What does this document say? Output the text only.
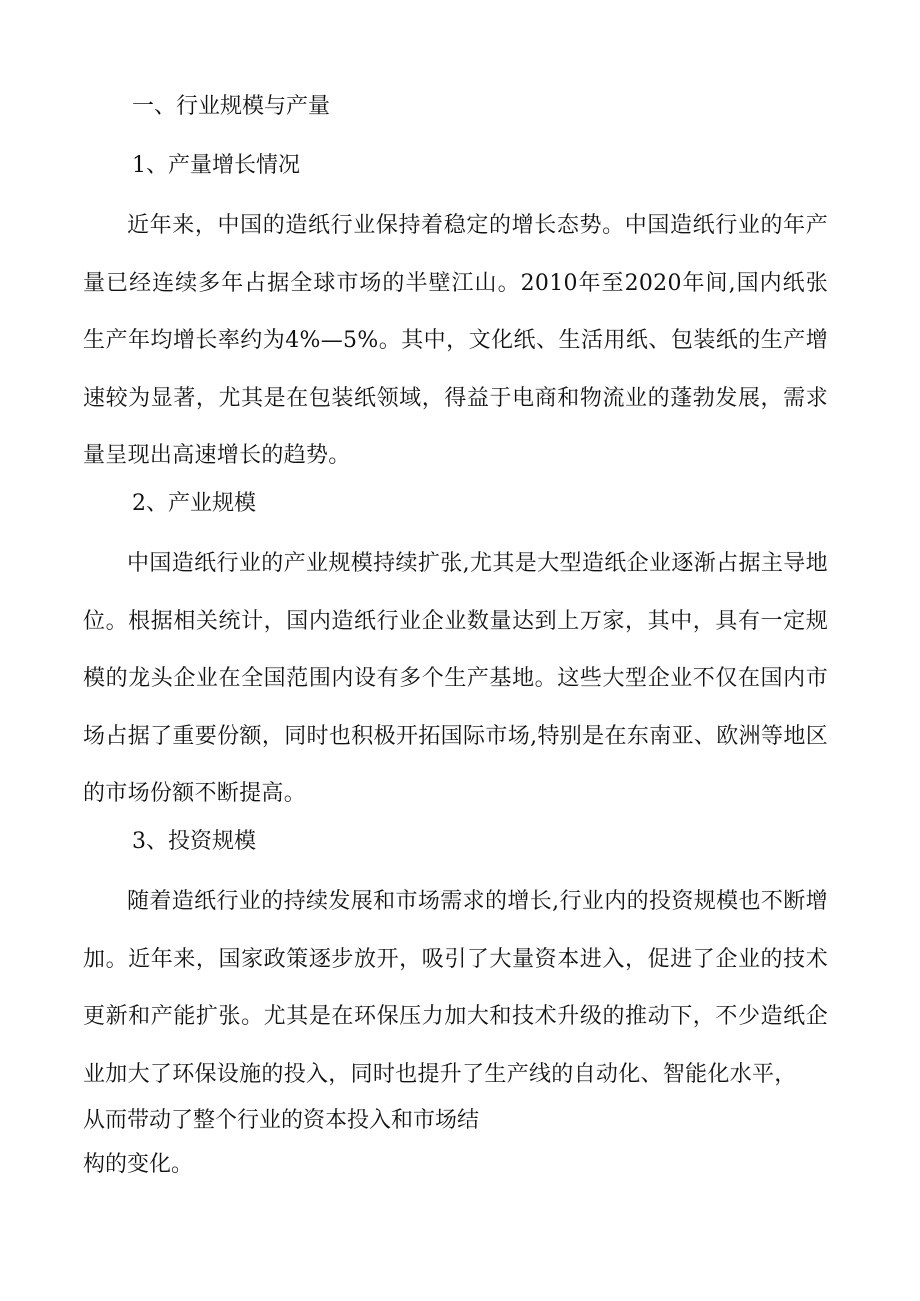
一、行业规模与产量
1、产量增长情况

近年来，中国的造纸行业保持着稳定的增长态势。中国造纸行业的年产量已经连续多年占据全球市场的半壁江山。2010年至2020年间,国内纸张生产年均增长率约为4%—5%。其中，文化纸、生活用纸、包装纸的生产增速较为显著，尤其是在包装纸领域，得益于电商和物流业的蓬勃发展，需求量呈现出高速增长的趋势。

2、产业规模

中国造纸行业的产业规模持续扩张,尤其是大型造纸企业逐渐占据主导地位。根据相关统计，国内造纸行业企业数量达到上万家，其中，具有一定规模的龙头企业在全国范围内设有多个生产基地。这些大型企业不仅在国内市场占据了重要份额，同时也积极开拓国际市场,特别是在东南亚、欧洲等地区的市场份额不断提高。

3、投资规模

随着造纸行业的持续发展和市场需求的增长,行业内的投资规模也不断增加。近年来，国家政策逐步放开，吸引了大量资本进入，促进了企业的技术更新和产能扩张。尤其是在环保压力加大和技术升级的推动下，不少造纸企业加大了环保设施的投入，同时也提升了生产线的自动化、智能化水平，

从而带动了整个行业的资本投入和市场结

构的变化。
